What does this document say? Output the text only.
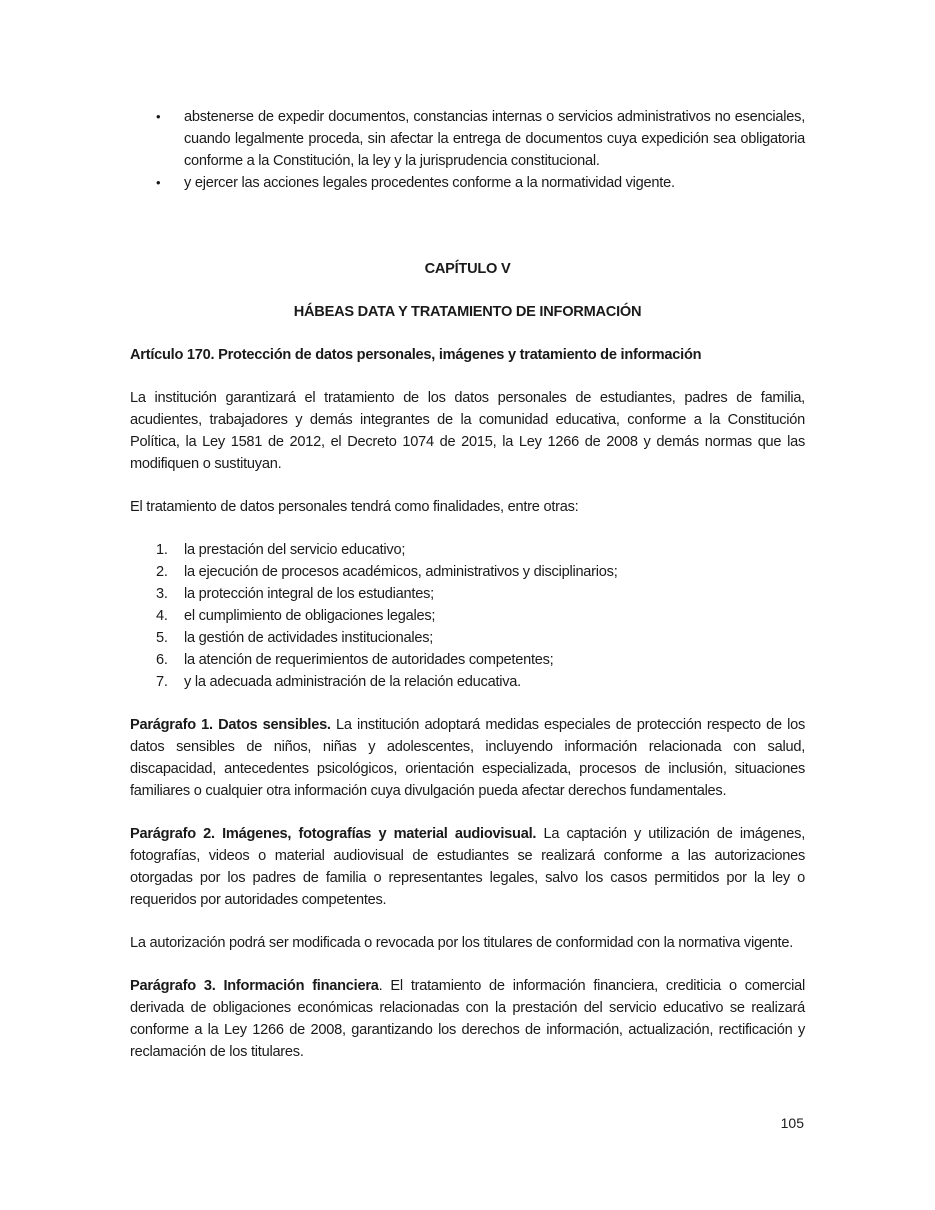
• abstenerse de expedir documentos, constancias internas o servicios administrativos no esenciales, cuando legalmente proceda, sin afectar la entrega de documentos cuya expedición sea obligatoria conforme a la Constitución, la ley y la jurisprudencia constitucional.
• y ejercer las acciones legales procedentes conforme a la normatividad vigente.
CAPÍTULO V
HÁBEAS DATA Y TRATAMIENTO DE INFORMACIÓN
Artículo 170. Protección de datos personales, imágenes y tratamiento de información

La institución garantizará el tratamiento de los datos personales de estudiantes, padres de familia, acudientes, trabajadores y demás integrantes de la comunidad educativa, conforme a la Constitución Política, la Ley 1581 de 2012, el Decreto 1074 de 2015, la Ley 1266 de 2008 y demás normas que las modifiquen o sustituyan.

El tratamiento de datos personales tendrá como finalidades, entre otras:

1. la prestación del servicio educativo;
2. la ejecución de procesos académicos, administrativos y disciplinarios;
3. la protección integral de los estudiantes;
4. el cumplimiento de obligaciones legales;
5. la gestión de actividades institucionales;
6. la atención de requerimientos de autoridades competentes;
7. y la adecuada administración de la relación educativa.

Parágrafo 1. Datos sensibles. La institución adoptará medidas especiales de protección respecto de los datos sensibles de niños, niñas y adolescentes, incluyendo información relacionada con salud, discapacidad, antecedentes psicológicos, orientación especializada, procesos de inclusión, situaciones familiares o cualquier otra información cuya divulgación pueda afectar derechos fundamentales.

Parágrafo 2. Imágenes, fotografías y material audiovisual. La captación y utilización de imágenes, fotografías, videos o material audiovisual de estudiantes se realizará conforme a las autorizaciones otorgadas por los padres de familia o representantes legales, salvo los casos permitidos por la ley o requeridos por autoridades competentes.

La autorización podrá ser modificada o revocada por los titulares de conformidad con la normativa vigente.

Parágrafo 3. Información financiera. El tratamiento de información financiera, crediticia o comercial derivada de obligaciones económicas relacionadas con la prestación del servicio educativo se realizará conforme a la Ley 1266 de 2008, garantizando los derechos de información, actualización, rectificación y reclamación de los titulares.

105
